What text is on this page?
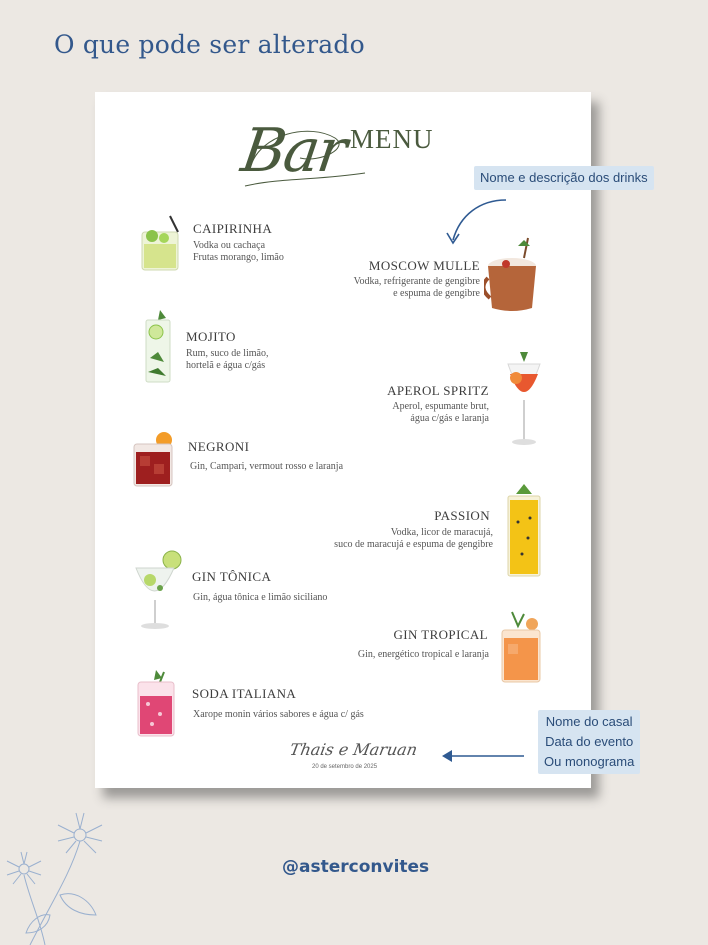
O que pode ser alterado
Bar MENU
Nome e descrição dos drinks
CAIPIRINHA
Vodka ou cachaça
Frutas morango, limão
MOSCOW MULLE
Vodka, refrigerante de gengibre
e espuma de gengibre
MOJITO
Rum, suco de limão,
hortelã e água c/gás
APEROL SPRITZ
Aperol, espumante brut,
água c/gás e laranja
NEGRONI
Gin, Campari, vermout rosso e laranja
PASSION
Vodka, licor de maracujá,
suco de maracujá e espuma de gengibre
GIN TÔNICA
Gin, água tônica e limão siciliano
GIN TROPICAL
Gin, energético tropical e laranja
SODA ITALIANA
Xarope monin vários sabores e água c/ gás
Thais e Maruan
20 de setembro de 2025
Nome do casal
Data do evento
Ou monograma
@asterconvites
